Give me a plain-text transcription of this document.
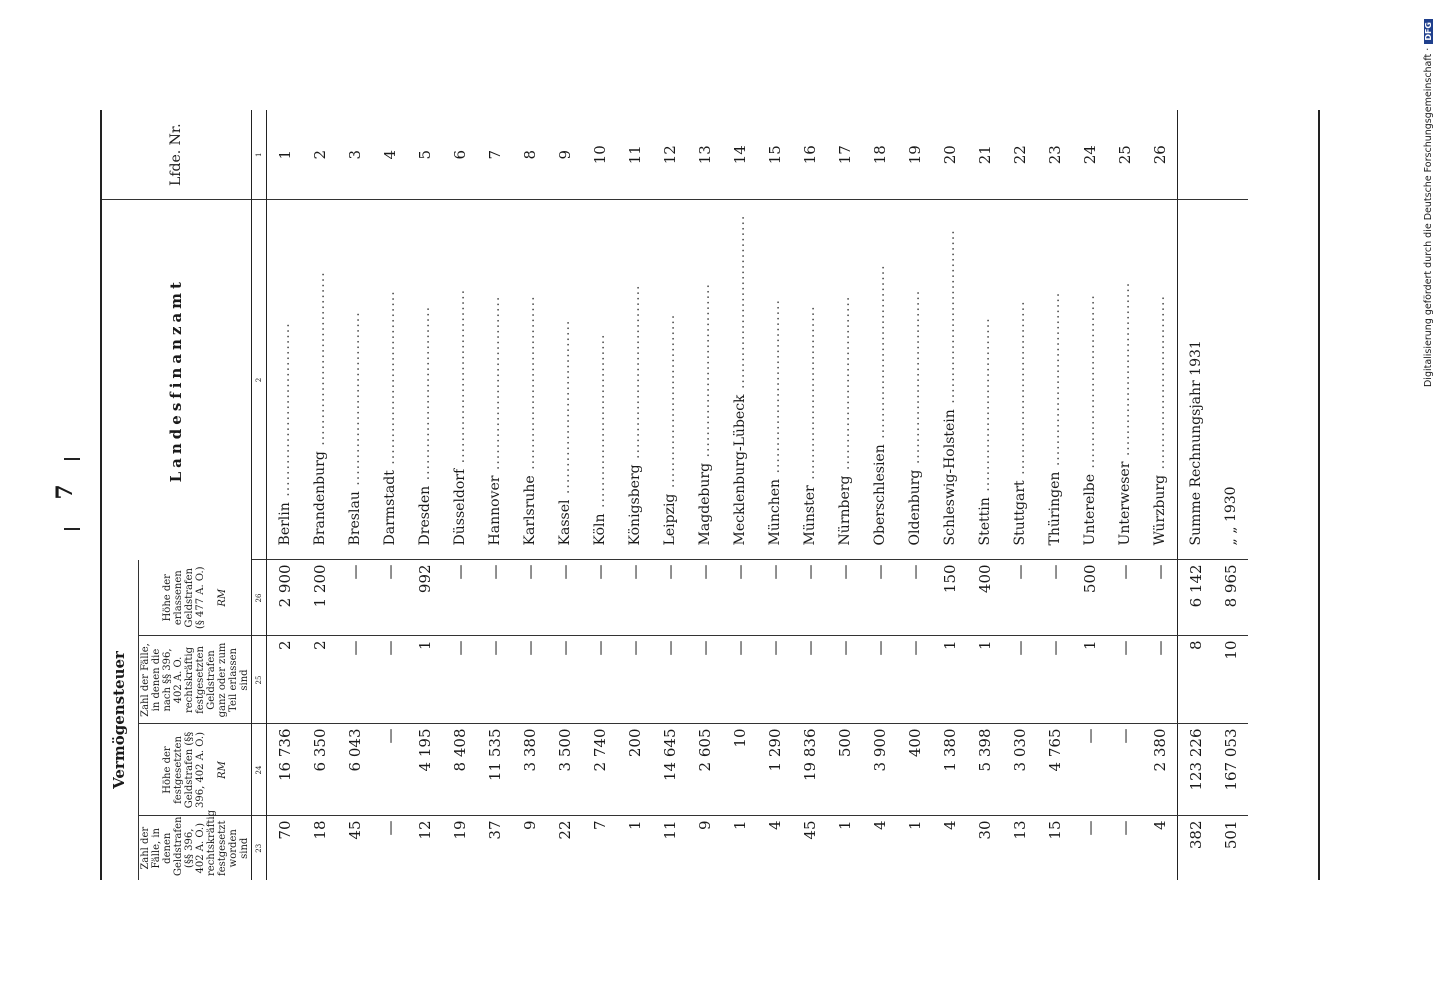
7
Vermögensteuer				Landesfinanzamt	Lfde. Nr.
Zahl der Fälle, in denen Geldstrafen (§§ 396, 402 A. O.) rechtskräftig festgesetzt worden sind	Höhe der festgesetzten Geldstrafen (§§ 396, 402 A. O.) RM	Zahl der Fälle, in denen die nach §§ 396, 402 A. O. rechtskräftig festgesetzten Geldstrafen ganz oder zum Teil erlassen sind	Höhe der erlassenen Geldstrafen (§ 477 A. O.) RM		
23	24	25	26	2	1
70	16 736	2	2 900	Berlin ................................	1
18	6 350	2	1 200	Brandenburg ................................	2
45	6 043	—	—	Breslau ................................	3
—	—	—	—	Darmstadt ................................	4
12	4 195	1	992	Dresden ................................	5
19	8 408	—	—	Düsseldorf ................................	6
37	11 535	—	—	Hannover ................................	7
9	3 380	—	—	Karlsruhe ................................	8
22	3 500	—	—	Kassel ................................	9
7	2 740	—	—	Köln ................................	10
1	200	—	—	Königsberg ................................	11
11	14 645	—	—	Leipzig ................................	12
9	2 605	—	—	Magdeburg ................................	13
1	10	—	—	Mecklenburg-Lübeck ................................	14
4	1 290	—	—	München ................................	15
45	19 836	—	—	Münster ................................	16
1	500	—	—	Nürnberg ................................	17
4	3 900	—	—	Oberschlesien ................................	18
1	400	—	—	Oldenburg ................................	19
4	1 380	1	150	Schleswig-Holstein ................................	20
30	5 398	1	400	Stettin ................................	21
13	3 030	—	—	Stuttgart ................................	22
15	4 765	—	—	Thüringen ................................	23
—	—	1	500	Unterelbe ................................	24
—	—	—	—	Unterweser ................................	25
4	2 380	—	—	Würzburg ................................	26
382	123 226	8	6 142	Summe Rechnungsjahr 1931	
501	167 053	10	8 965	„ „ 1930	
Digitalisierung gefördert durch die Deutsche Forschungsgemeinschaft ·DFG
